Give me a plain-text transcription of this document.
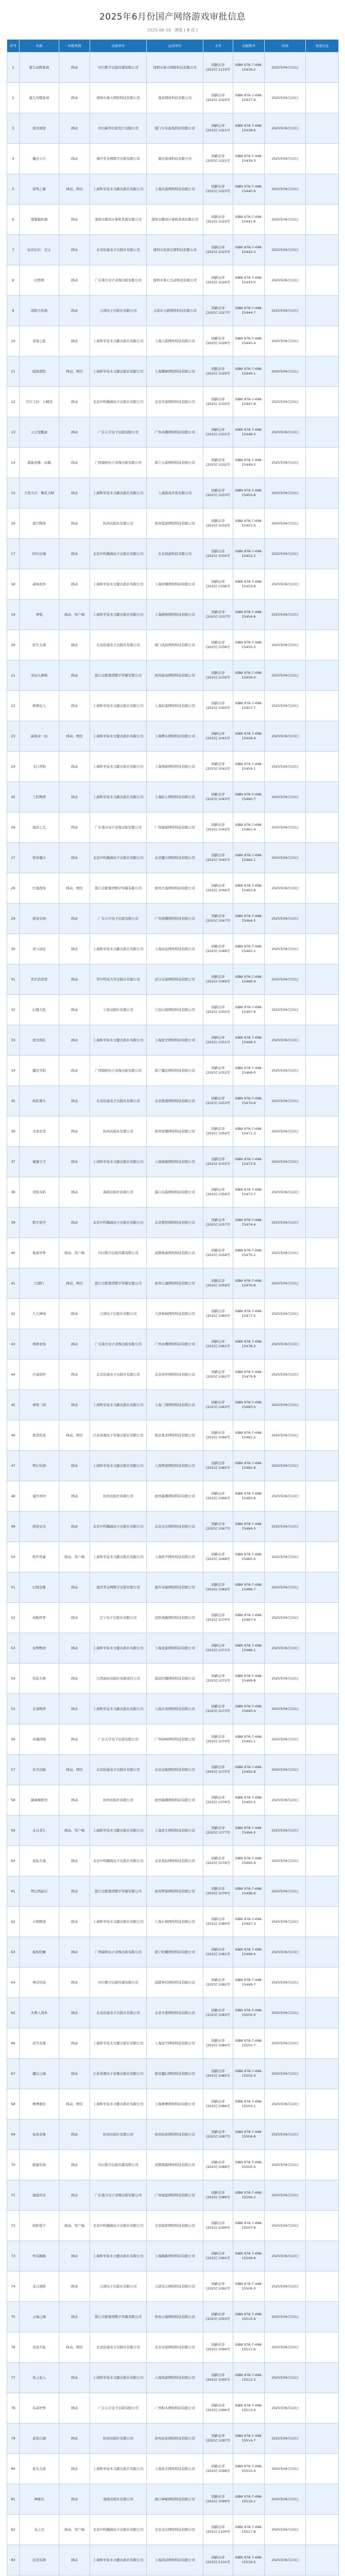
2025年6月份国产网络游戏审批信息
2025-06-26 浏览 ( 8 次 )
序号	名称	申报类别	出版单位	运营单位	文号	出版物号	时间	变更信息
1	重生动物星球	移动	四川数字出版传媒有限公司	深圳市海天网络科技有限公司	国新出审
[2025] 1219号	ISBN 978-7-498-15436-2	2025年06月23日	
2	重生吞噬星球	移动	深圳市海天网络科技有限公司	南京网络科技有限公司	国新出审
[2025] 1020号	ISBN 978-7-498-15437-9	2025年06月23日	
3	星河迷途	移动	四川新华出版发行有限公司	厦门兮乐游戏科技有限公司	国新出审
[2025] 1021号	ISBN 978-7-498-15438-6	2025年06月23日	
4	魔法小兵	移动	重庆华龙网数字出版有限公司	重庆游戏科技有限公司	国新出审
[2025] 1022号	ISBN 978-7-498-15439-3	2025年06月23日	
5	雷鸣之翼	移动、网页	上海科学技术文献出版社有限公司	上海火游网络科技有限公司	国新出审
[2025] 1023号	ISBN 978-7-498-15440-9	2025年06月23日	
6	理想模拟器	移动	深圳市腾讯计算机系统有限公司	深圳市腾讯计算机系统有限公司	国新出审
[2025] 1024号	ISBN 978-7-498-15441-6	2025年06月23日	
7	仙还幻灯：竞主	移动	北京伯通电子出版社有限公司	深圳市佳创互娱科技有限公司	国新出审
[2025] 1025号	ISBN 978-7-498-15442-3	2025年06月23日	
8	贡剪师	移动	广东南方电子音像出版有限公司	深圳市掌心互动科技有限公司	国新出审
[2025] 1026号	ISBN 978-7-498-15443-0	2025年06月23日	
9	消除大作战	移动	天津电子出版社有限公司	天津市九游网络科技有限公司	国新出审
[2025] 1027号	ISBN 978-7-498-15444-7	2025年06月23日	
10	奇境之旅	移动	上海科学技术文献出版社有限公司	上海吉游网络科技有限公司	国新出审
[2025] 1028号	ISBN 978-7-498-15445-4	2025年06月23日	
11	暗夜酒馆	移动、网页	上海科学技术文献出版社有限公司	上海趣舞网络科技有限公司	国新出审
[2025] 1029号	ISBN 978-7-498-15446-1	2025年06月23日	
12	百灯工坊：小精灵	移动	北京中科瀚海电子出版社有限公司	北京开游网络科技有限公司	国新出审
[2025] 1030号	ISBN 978-7-498-15447-8	2025年06月23日	
13	天元觉醒录	移动	广东天宇电子出版有限公司	广州奇趣网络科技有限公司	国新出审
[2025] 1031号	ISBN 978-7-498-15448-5	2025年06月23日	
14	超能英雄：玩偶	移动	广西海纳电子音像出版有限公司	南宁云游网络科技有限公司	国新出审
[2025] 1032号	ISBN 978-7-498-15449-2	2025年06月23日	
15	卡里大亨：稀有大师	移动	上海科学技术文献出版社有限公司	上海游戏开发有限公司	国新出审
[2025] 1033号	ISBN 978-7-498-15450-8	2025年06月23日	
16	迷宫物语	移动	杭州出版社有限公司	杭州爱游网络科技有限公司	国新出审
[2025] 1034号	ISBN 978-7-498-15451-5	2025年06月23日	
17	阿尔达城	移动	北京中科瀚海电子出版社有限公司	北京创游科技有限公司	国新出审
[2025] 1035号	ISBN 978-7-498-15452-2	2025年06月23日	
18	森林伙伴	移动	上海科学技术文献出版社有限公司	上海智趣网络科技有限公司	国新出审
[2025] 1036号	ISBN 978-7-498-15453-9	2025年06月23日	
19	神笔	移动、客户端	上海科学技术文献出版社有限公司	上海研磨网络科技有限公司	国新出审
[2025] 1037号	ISBN 978-7-498-15454-6	2025年06月23日	
20	狂牛大战	移动	北京伯通电子出版社有限公司	厦门风扬网络科技有限公司	国新出审
[2025] 1038号	ISBN 978-7-498-15455-3	2025年06月23日	
21	灵仙大乘师	移动	浙江出版集团数字传媒有限公司	杭州游动网络科技有限公司	国新出审
[2025] 1039号	ISBN 978-7-498-15456-0	2025年06月23日	
22	拼图达人	移动	上海科学技术文献出版社有限公司	上海彩游网络科技有限公司	国新出审
[2025] 1040号	ISBN 978-7-498-15457-7	2025年06月23日	
23	麻将来一局	移动、网页	上海科学技术文献出版社有限公司	上海牌友网络科技有限公司	国新出审
[2025] 1041号	ISBN 978-7-498-15458-4	2025年06月23日	
24	飞行冒险	移动	上海科学技术文献出版社有限公司	上海翔游网络科技有限公司	国新出审
[2025] 1042号	ISBN 978-7-498-15459-1	2025年06月23日	
25	工匠物语	移动	上海科学技术文献出版社有限公司	上海匠心网络科技有限公司	国新出审
[2025] 1043号	ISBN 978-7-498-15460-7	2025年06月23日	
26	海洋之光	移动	广东南方电子音像出版有限公司	广州海游网络科技有限公司	国新出审
[2025] 1044号	ISBN 978-7-498-15461-4	2025年06月23日	
27	怪兽魔方	移动	北京中科瀚海电子出版社有限公司	北京魔方网络科技有限公司	国新出审
[2025] 1045号	ISBN 978-7-498-15462-1	2025年06月23日	
28	红莲战场	移动、网页	浙江出版集团数字传媒有限公司	杭州火莲网络科技有限公司	国新出审
[2025] 1046号	ISBN 978-7-498-15463-8	2025年06月23日	
29	萌宠乐园	移动	广东天宇电子出版有限公司	广州萌趣网络科技有限公司	国新出审
[2025] 1047号	ISBN 978-7-498-15464-5	2025年06月23日	
30	剑与远征	移动	上海科学技术文献出版社有限公司	上海远征网络科技有限公司	国新出审
[2025] 1048号	ISBN 978-7-498-15465-2	2025年06月23日	
31	欢乐消消看	移动	华中科技大学出版社有限公司	武汉乐游网络科技有限公司	国新出审
[2025] 1049号	ISBN 978-7-498-15466-9	2025年06月23日	
32	幻想大陆	移动	宁波出版社有限公司	宁波幻境网络科技有限公司	国新出审
[2025] 1050号	ISBN 978-7-498-15467-6	2025年06月23日	
33	星空战队	移动	上海科学技术文献出版社有限公司	上海星空网络科技有限公司	国新出审
[2025] 1051号	ISBN 978-7-498-15468-3	2025年06月23日	
34	魔法学院	移动	广西海纳电子音像出版有限公司	南宁魔法网络科技有限公司	国新出审
[2025] 1052号	ISBN 978-7-498-15469-0	2025年06月23日	
35	疯狂赛车	移动	北京伯通电子出版社有限公司	北京极速网络科技有限公司	国新出审
[2025] 1053号	ISBN 978-7-498-15470-6	2025年06月23日	
36	水果忍者	移动	杭州出版社有限公司	杭州果趣网络科技有限公司	国新出审
[2025] 1054号	ISBN 978-7-498-15471-3	2025年06月23日	
37	城堡守卫	移动	上海科学技术文献出版社有限公司	上海城堡网络科技有限公司	国新出审
[2025] 1055号	ISBN 978-7-498-15472-0	2025年06月23日	
38	冒险岛屿	移动	海南出版社有限公司	海口岛游网络科技有限公司	国新出审
[2025] 1056号	ISBN 978-7-498-15473-7	2025年06月23日	
39	数字迷宫	移动	北京中科瀚海电子出版社有限公司	北京数智网络科技有限公司	国新出审
[2025] 1057号	ISBN 978-7-498-15474-4	2025年06月23日	
40	像素世界	移动、客户端	四川数字出版传媒有限公司	成都像素网络科技有限公司	国新出审
[2025] 1058号	ISBN 978-7-498-15475-1	2025年06月23日	
41	江湖行	移动、网页	浙江出版集团数字传媒有限公司	杭州江湖网络科技有限公司	国新出审
[2025] 1059号	ISBN 978-7-498-15476-8	2025年06月23日	
42	九天神域	移动	天津电子出版社有限公司	天津神域网络科技有限公司	国新出审
[2025] 1060号	ISBN 978-7-498-15477-5	2025年06月23日	
43	萌萌农场	移动	广东南方电子音像出版有限公司	广州农趣网络科技有限公司	国新出审
[2025] 1061号	ISBN 978-7-498-15478-2	2025年06月23日	
44	沙盒创世	移动	北京伯通电子出版社有限公司	北京创世网络科技有限公司	国新出审
[2025] 1062号	ISBN 978-7-498-15479-9	2025年06月23日	
45	神将三国	移动	上海科学技术文献出版社有限公司	上海三国网络科技有限公司	国新出审
[2025] 1063号	ISBN 978-7-498-15480-5	2025年06月23日	
46	勇者传说	移动、网页	江苏凤凰电子音像出版社有限公司	南京勇者网络科技有限公司	国新出审
[2025] 1064号	ISBN 978-7-498-15481-2	2025年06月23日	
47	梦幻乐园	移动	上海科学技术文献出版社有限公司	上海梦游网络科技有限公司	国新出审
[2025] 1065号	ISBN 978-7-498-15482-9	2025年06月23日	
48	蛋仔冲冲	移动	杭州出版社有限公司	杭州蛋趣网络科技有限公司	国新出审
[2025] 1066号	ISBN 978-7-498-15483-6	2025年06月23日	
49	萌宠宝贝	移动	北京中科瀚海电子出版社有限公司	北京宝贝网络科技有限公司	国新出审
[2025] 1067号	ISBN 978-7-498-15484-3	2025年06月23日	
50	机甲风暴	移动、客户端	上海科学技术文献出版社有限公司	上海机甲网络科技有限公司	国新出审
[2025] 1068号	ISBN 978-7-498-15485-0	2025年06月23日	
51	幻境奇缘	移动	重庆华龙网数字出版有限公司	重庆奇缘网络科技有限公司	国新出审
[2025] 1069号	ISBN 978-7-498-15486-7	2025年06月23日	
52	战舰世界	移动	辽宁电子出版社有限公司	沈阳战舰网络科技有限公司	国新出审
[2025] 1070号	ISBN 978-7-498-15487-4	2025年06月23日	
53	宠物物语	移动	上海科学技术文献出版社有限公司	上海宠游网络科技有限公司	国新出审
[2025] 1071号	ISBN 978-7-498-15488-1	2025年06月23日	
54	钓鱼大师	移动	江西高校出版社有限责任公司	南昌钓趣网络科技有限公司	国新出审
[2025] 1072号	ISBN 978-7-498-15489-8	2025年06月23日	
55	美食物语	移动	上海科学技术文献出版社有限公司	上海美食网络科技有限公司	国新出审
[2025] 1073号	ISBN 978-7-498-15490-4	2025年06月23日	
56	灵魂回响	移动	广东天宇电子出版有限公司	广州回响网络科技有限公司	国新出审
[2025] 1074号	ISBN 978-7-498-15491-1	2025年06月23日	
57	无尽远航	移动、网页	北京伯通电子出版社有限公司	北京远航网络科技有限公司	国新出审
[2025] 1075号	ISBN 978-7-498-15492-8	2025年06月23日	
58	猫咪咖啡馆	移动	杭州出版社有限公司	杭州猫趣网络科技有限公司	国新出审
[2025] 1076号	ISBN 978-7-498-15493-5	2025年06月23日	
59	末日求生	移动、客户端	上海科学技术文献出版社有限公司	上海求生网络科技有限公司	国新出审
[2025] 1077号	ISBN 978-7-498-15494-2	2025年06月23日	
60	星际大战	移动	北京中科瀚海电子出版社有限公司	北京星际网络科技有限公司	国新出审
[2025] 1078号	ISBN 978-7-498-15495-9	2025年06月23日	
61	梦幻西游记	移动	浙江出版集团数字传媒有限公司	杭州梦游网络科技有限公司	国新出审
[2025] 1079号	ISBN 978-7-498-15496-6	2025年06月23日	
62	小镇物语	移动	上海科学技术文献出版社有限公司	上海小镇网络科技有限公司	国新出审
[2025] 1080号	ISBN 978-7-498-15497-3	2025年06月23日	
63	旋转陀螺	移动	广西海纳电子音像出版有限公司	南宁陀螺网络科技有限公司	国新出审
[2025] 1081号	ISBN 978-7-498-15498-0	2025年06月23日	
64	神话传说	移动	四川数字出版传媒有限公司	成都神话网络科技有限公司	国新出审
[2025] 1082号	ISBN 978-7-498-15499-7	2025年06月23日	
65	火柴人战争	移动	北京伯通电子出版社有限公司	北京火柴网络科技有限公司	国新出审
[2025] 1083号	ISBN 978-7-498-15500-0	2025年06月23日	
66	冰雪奇缘	移动	上海科学技术文献出版社有限公司	上海冰雪网络科技有限公司	国新出审
[2025] 1084号	ISBN 978-7-498-15501-7	2025年06月23日	
67	魔幻之城	移动	江苏凤凰电子音像出版社有限公司	南京魔幻网络科技有限公司	国新出审
[2025] 1085号	ISBN 978-7-498-15502-4	2025年06月23日	
68	赛博朋克	移动、网页	上海科学技术文献出版社有限公司	上海赛博网络科技有限公司	国新出审
[2025] 1086号	ISBN 978-7-498-15503-1	2025年06月23日	
69	仙侠奇缘	移动	杭州出版社有限公司	杭州仙侠网络科技有限公司	国新出审
[2025] 1087号	ISBN 978-7-498-15504-8	2025年06月23日	
70	熊猫乐园	移动	四川数字出版传媒有限公司	成都熊猫网络科技有限公司	国新出审
[2025] 1088号	ISBN 978-7-498-15505-5	2025年06月23日	
71	海盗传奇	移动	广东南方电子音像出版有限公司	广州海盗网络科技有限公司	国新出审
[2025] 1089号	ISBN 978-7-498-15506-2	2025年06月23日	
72	暗影猎手	移动、客户端	北京中科瀚海电子出版社有限公司	北京暗影网络科技有限公司	国新出审
[2025] 1090号	ISBN 978-7-498-15507-9	2025年06月23日	
73	快乐跳跳	移动	上海科学技术文献出版社有限公司	上海跳跳网络科技有限公司	国新出审
[2025] 1091号	ISBN 978-7-498-15508-6	2025年06月23日	
74	宝石迷阵	移动	天津电子出版社有限公司	天津宝石网络科技有限公司	国新出审
[2025] 1092号	ISBN 978-7-498-15509-3	2025年06月23日	
75	云端之城	移动	浙江出版集团数字传媒有限公司	杭州云端网络科技有限公司	国新出审
[2025] 1093号	ISBN 978-7-498-15510-9	2025年06月23日	
76	奇迹大陆	移动、网页	北京伯通电子出版社有限公司	北京奇迹网络科技有限公司	国新出审
[2025] 1094号	ISBN 978-7-498-15511-6	2025年06月23日	
77	风之旅人	移动	上海科学技术文献出版社有限公司	上海风游网络科技有限公司	国新出审
[2025] 1095号	ISBN 978-7-498-15512-3	2025年06月23日	
78	乐高世界	移动	广东天宇电子出版有限公司	广州积木网络科技有限公司	国新出审
[2025] 1096号	ISBN 978-7-498-15513-0	2025年06月23日	
79	武侠江湖	移动	杭州出版社有限公司	杭州武侠网络科技有限公司	国新出审
[2025] 1097号	ISBN 978-7-498-15514-7	2025年06月23日	
80	星光大道	移动	上海科学技术文献出版社有限公司	上海星光网络科技有限公司	国新出审
[2025] 1098号	ISBN 978-7-498-15515-4	2025年06月23日	
81	神秘岛	移动	海南出版社有限公司	海口神秘网络科技有限公司	国新出审
[2025] 1099号	ISBN 978-7-498-15516-1	2025年06月23日	
82	龙之谷	移动、客户端	北京中科瀚海电子出版社有限公司	北京龙谷网络科技有限公司	国新出审
[2025] 1100号	ISBN 978-7-498-15517-8	2025年06月23日	
83	消消乐园	移动	上海科学技术文献出版社有限公司	上海消消网络科技有限公司	国新出审
[2025] 1101号	ISBN 978-7-498-15518-5	2025年06月23日	
